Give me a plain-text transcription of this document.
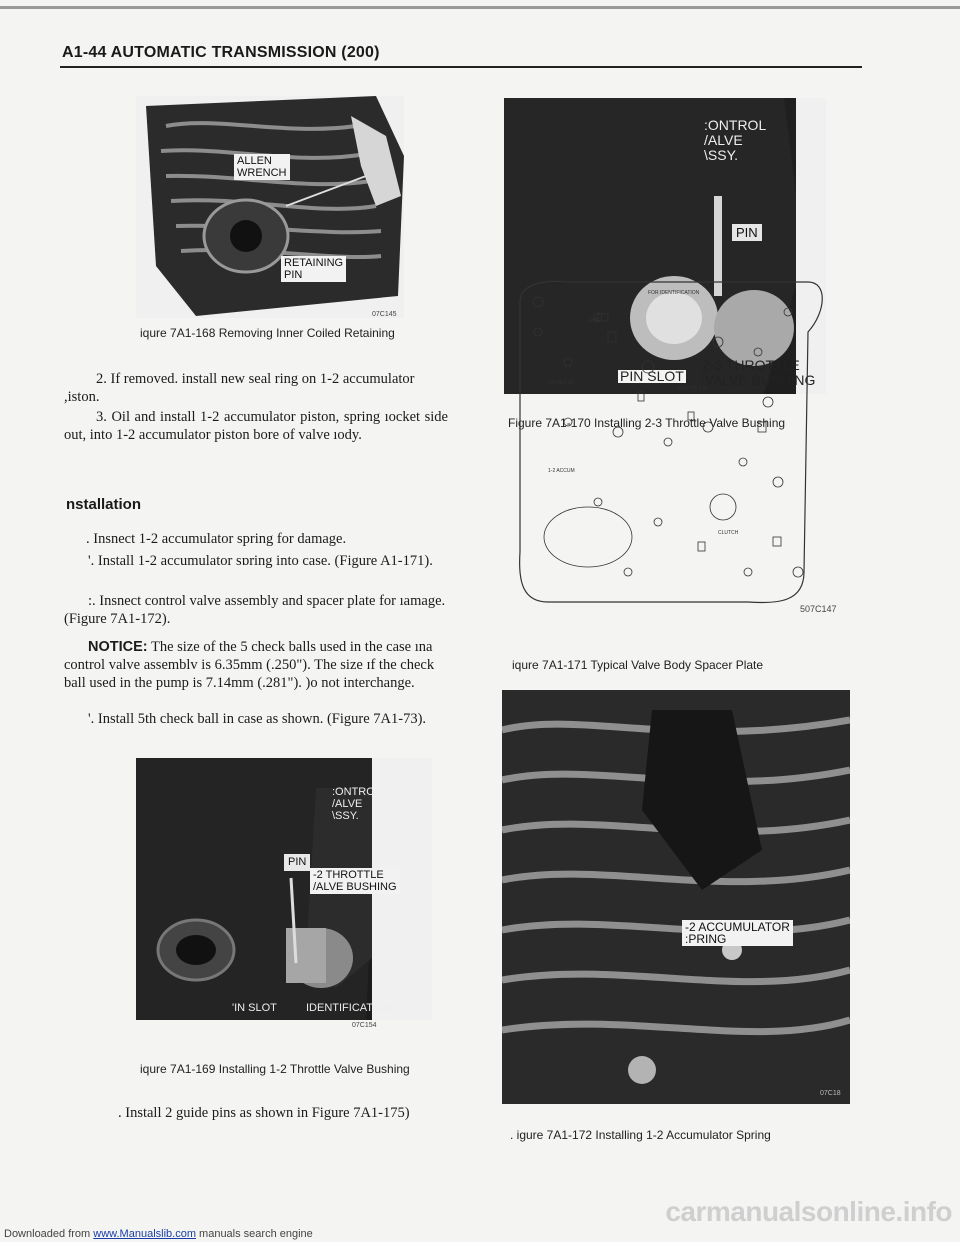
A1-44 AUTOMATIC TRANSMISSION (200)
ALLEN
WRENCH
RETAINING
PIN
07C145
iqure 7A1-168 Removing Inner Coiled Retaining
2. If removed. install new seal ring on 1-2 accumulator ,iston.
3. Oil and install 1-2 accumulator piston, spring ıocket side out, into 1-2 accumulator piston bore of valve ıody.
nstallation
. Insnect 1-2 accumulator spring for damage.
'. Install 1-2 accumulator sɒring into case. (Figure A1-171).
:. Insnect control valve assembly and spacer plate for ıamage. (Figure 7A1-172).
NOTICE: The size of the 5 check balls used in the case ına control valve assemblv is 6.35mm (.250"). The size ɪf the check ball used in the pump is 7.14mm (.281"). )o not interchange.
'. Install 5th check ball in case as shown. (Figure 7A1-73).
:ONTROL
/ALVE
\SSY.
PIN
-2 THROTTLE
/ALVE BUSHING
'IN SLOT	IDENTIFICATION
07C154
iqure 7A1-169 Installing 1-2 Throttle Valve Bushing
. Install 2 guide pins as shown in Figure 7A1-175)
:ONTROL
/ALVE
\SSY.
PIN
PIN SLOT
2-3 THROTTLE
'VALVE BUSHING
Figure 7A1-170 Installing 2-3 Throttle Valve Bushing
FOR IDENTIFICATION
LINE
LO-REV CL
GOV TO 2-3
1-2 ACCUM
CLUTCH
507C147
iqure 7A1-171 Typical Valve Body Spacer Plate
-2 ACCUMULATOR
:PRING
07C18
. igure 7A1-172 Installing 1-2 Accumulator Spring
Downloaded from www.Manualslib.com manuals search engine
carmanualsonline.info
